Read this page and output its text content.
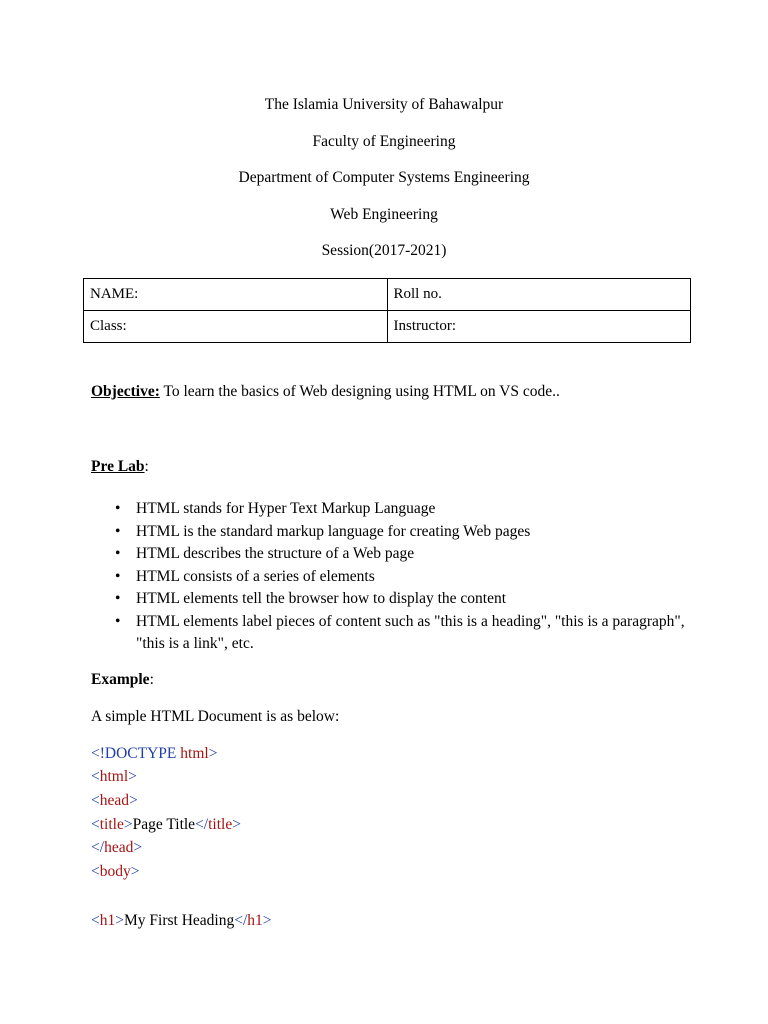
The Islamia University of Bahawalpur
Faculty of Engineering
Department of Computer Systems Engineering
Web Engineering
Session(2017-2021)
NAME:	Roll no.
Class:	Instructor:
Objective: To learn the basics of Web designing using HTML on VS code..
Pre Lab:
• HTML stands for Hyper Text Markup Language
• HTML is the standard markup language for creating Web pages
• HTML describes the structure of a Web page
• HTML consists of a series of elements
• HTML elements tell the browser how to display the content
• HTML elements label pieces of content such as "this is a heading", "this is a paragraph", "this is a link", etc.
Example:
A simple HTML Document is as below:
<!DOCTYPE html>
<html>
<head>
<title>Page Title</title>
</head>
<body>
<h1>My First Heading</h1>
